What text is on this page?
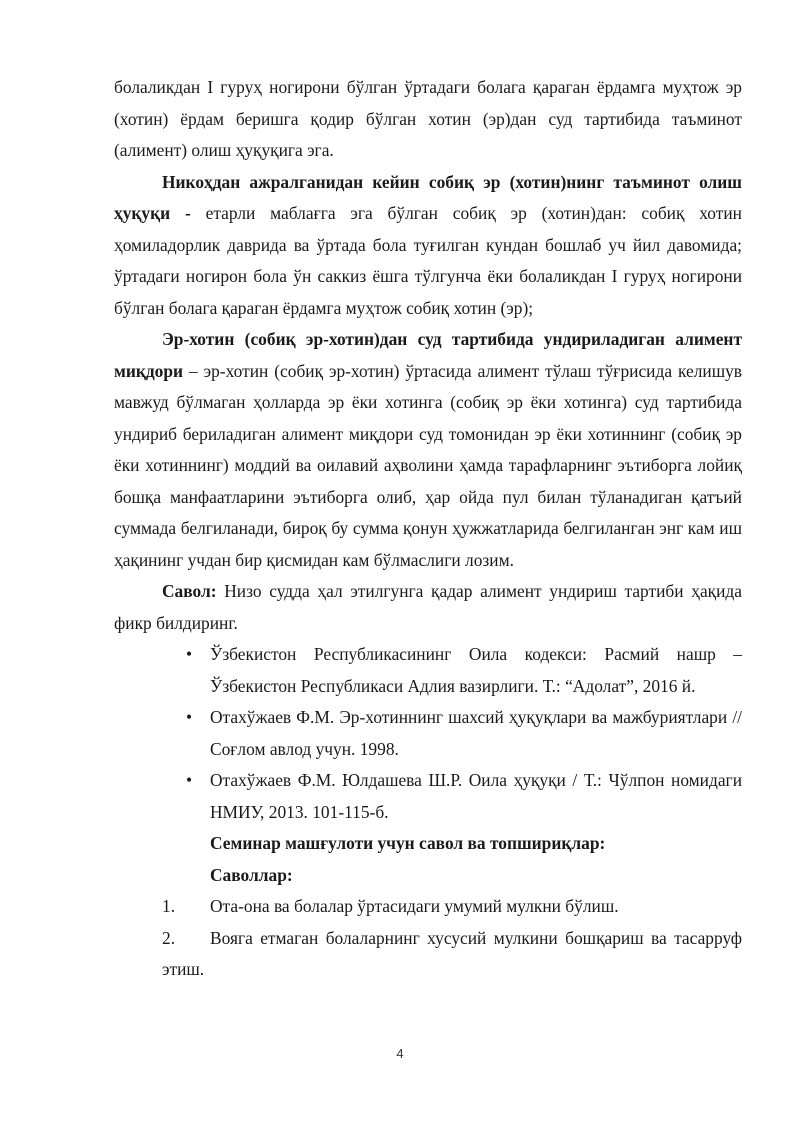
болаликдан I гуруҳ ногирони бўлган ўртадаги болага қараган ёрдамга муҳтож эр (хотин) ёрдам беришга қодир бўлган хотин (эр)дан суд тартибида таъминот (алимент) олиш ҳуқуқига эга.

Никоҳдан ажралганидан кейин собиқ эр (хотин)нинг таъминот олиш ҳуқуқи - етарли маблағга эга бўлган собиқ эр (хотин)дан: собиқ хотин ҳомиладорлик даврида ва ўртада бола туғилган кундан бошлаб уч йил давомида; ўртадаги ногирон бола ўн саккиз ёшга тўлгунча ёки болаликдан I гуруҳ ногирони бўлган болага қараган ёрдамга муҳтож собиқ хотин (эр);

Эр-хотин (собиқ эр-хотин)дан суд тартибида ундириладиган алимент миқдори – эр-хотин (собиқ эр-хотин) ўртасида алимент тўлаш тўғрисида келишув мавжуд бўлмаган ҳолларда эр ёки хотинга (собиқ эр ёки хотинга) суд тартибида ундириб бериладиган алимент миқдори суд томонидан эр ёки хотиннинг (собиқ эр ёки хотиннинг) моддий ва оилавий аҳволини ҳамда тарафларнинг эътиборга лойиқ бошқа манфаатларини эътиборга олиб, ҳар ойда пул билан тўланадиган қатъий суммада белгиланади, бироқ бу сумма қонун ҳужжатларида белгиланган энг кам иш ҳақининг учдан бир қисмидан кам бўлмаслиги лозим.

Савол: Низо судда ҳал этилгунга қадар алимент ундириш тартиби ҳақида фикр билдиринг.

• Ўзбекистон Республикасининг Оила кодекси: Расмий нашр – Ўзбекистон Республикаси Адлия вазирлиги. Т.: “Адолат”, 2016 й.
• Отахўжаев Ф.М. Эр-хотиннинг шахсий ҳуқуқлари ва мажбуриятлари // Соғлом авлод учун. 1998.
• Отахўжаев Ф.М. Юлдашева Ш.Р. Оила ҳуқуқи / Т.: Чўлпон номидаги НМИУ, 2013. 101-115-б.
Семинар машғулоти учун савол ва топшириқлар:
Саволлар:
1. Ота-она ва болалар ўртасидаги умумий мулкни бўлиш.
2. Вояга етмаган болаларнинг хусусий мулкини бошқариш ва тасарруф этиш.
4
